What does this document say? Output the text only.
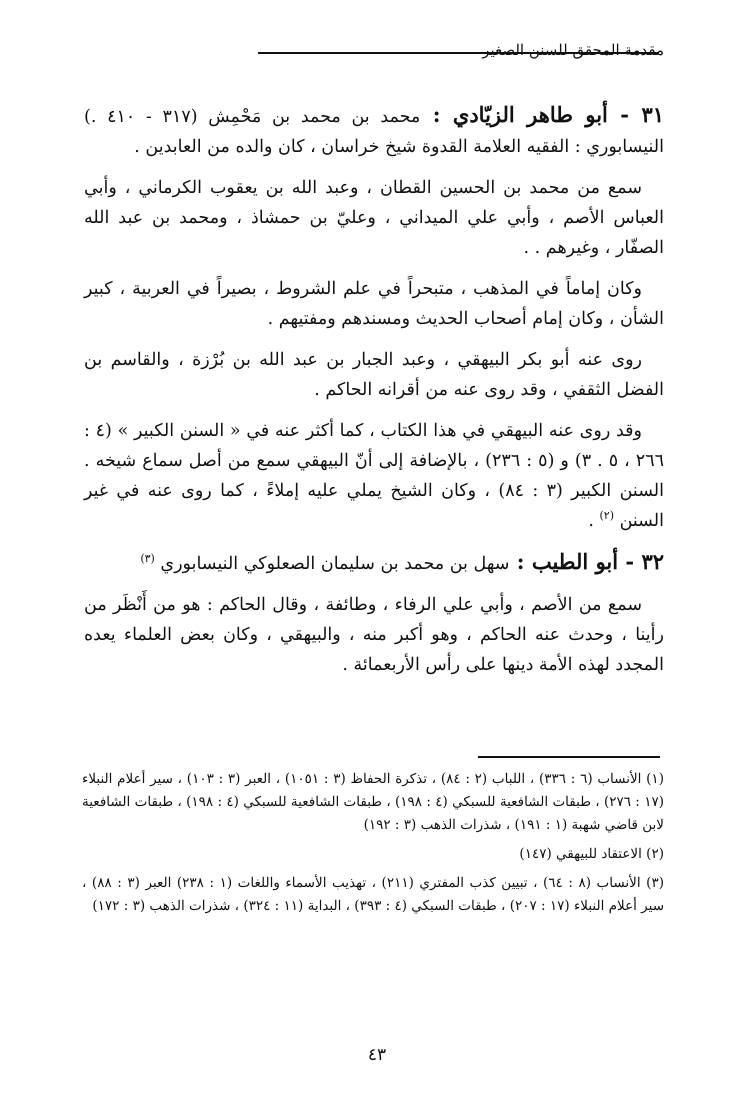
مقدمة المحقق للسنن الصغير

٣١ - أبو طاهر الزيّادي : محمد بن محمد بن مَحْمِش (٣١٧ - ٤١٠ .) النيسابوري : الفقيه العلامة القدوة شيخ خراسان ، كان والده من العابدين .

سمع من محمد بن الحسين القطان ، وعبد الله بن يعقوب الكرماني ، وأبي العباس الأصم ، وأبي علي الميداني ، وعليّ بن حمشاذ ، ومحمد بن عبد الله الصفّار ، وغيرهم . .

وكان إماماً في المذهب ، متبحراً في علم الشروط ، بصيراً في العربية ، كبير الشأن ، وكان إمام أصحاب الحديث ومسندهم ومفتيهم .

روى عنه أبو بكر البيهقي ، وعبد الجبار بن عبد الله بن بُرْزة ، والقاسم بن الفضل الثقفي ، وقد روى عنه من أقرانه الحاكم .

وقد روى عنه البيهقي في هذا الكتاب ، كما أكثر عنه في « السنن الكبير » (٤ : ٢٦٦ ، ٥ . ٣) و (٥ : ٢٣٦) ، بالإضافة إلى أنّ البيهقي سمع من أصل سماع شيخه . السنن الكبير (٣ : ٨٤) ، وكان الشيخ يملي عليه إملاءً ، كما روى عنه في غير السنن $^{(٢)}$ .

٣٢ - أبو الطيب : سهل بن محمد بن سليمان الصعلوكي النيسابوري $^{(٣)}$

سمع من الأصم ، وأبي علي الرفاء ، وطائفة ، وقال الحاكم : هو من أَنْظَر من رأينا ، وحدث عنه الحاكم ، وهو أكبر منه ، والبيهقي ، وكان بعض العلماء يعده المجدد لهذه الأمة دينها على رأس الأربعمائة .

(١) الأنساب (٦ : ٣٣٦) ، اللباب (٢ : ٨٤) ، تذكرة الحفاظ (٣ : ١٠٥١) ، العبر (٣ : ١٠٣) ، سير أعلام النبلاء (١٧ : ٢٧٦) ، طبقات الشافعية للسبكي (٤ : ١٩٨) ، طبقات الشافعية للسبكي (٤ : ١٩٨) ، طبقات الشافعية لابن قاضي شهبة (١ : ١٩١) ، شذرات الذهب (٣ : ١٩٢)

(٢) الاعتقاد للبيهقي (١٤٧)

(٣) الأنساب (٨ : ٦٤) ، تبيين كذب المفتري (٢١١) ، تهذيب الأسماء واللغات (١ : ٢٣٨) العبر (٣ : ٨٨) ، سير أعلام النبلاء (١٧ : ٢٠٧) ، طبقات السبكي (٤ : ٣٩٣) ، البداية (١١ : ٣٢٤) ، شذرات الذهب (٣ : ١٧٢)

٤٣
